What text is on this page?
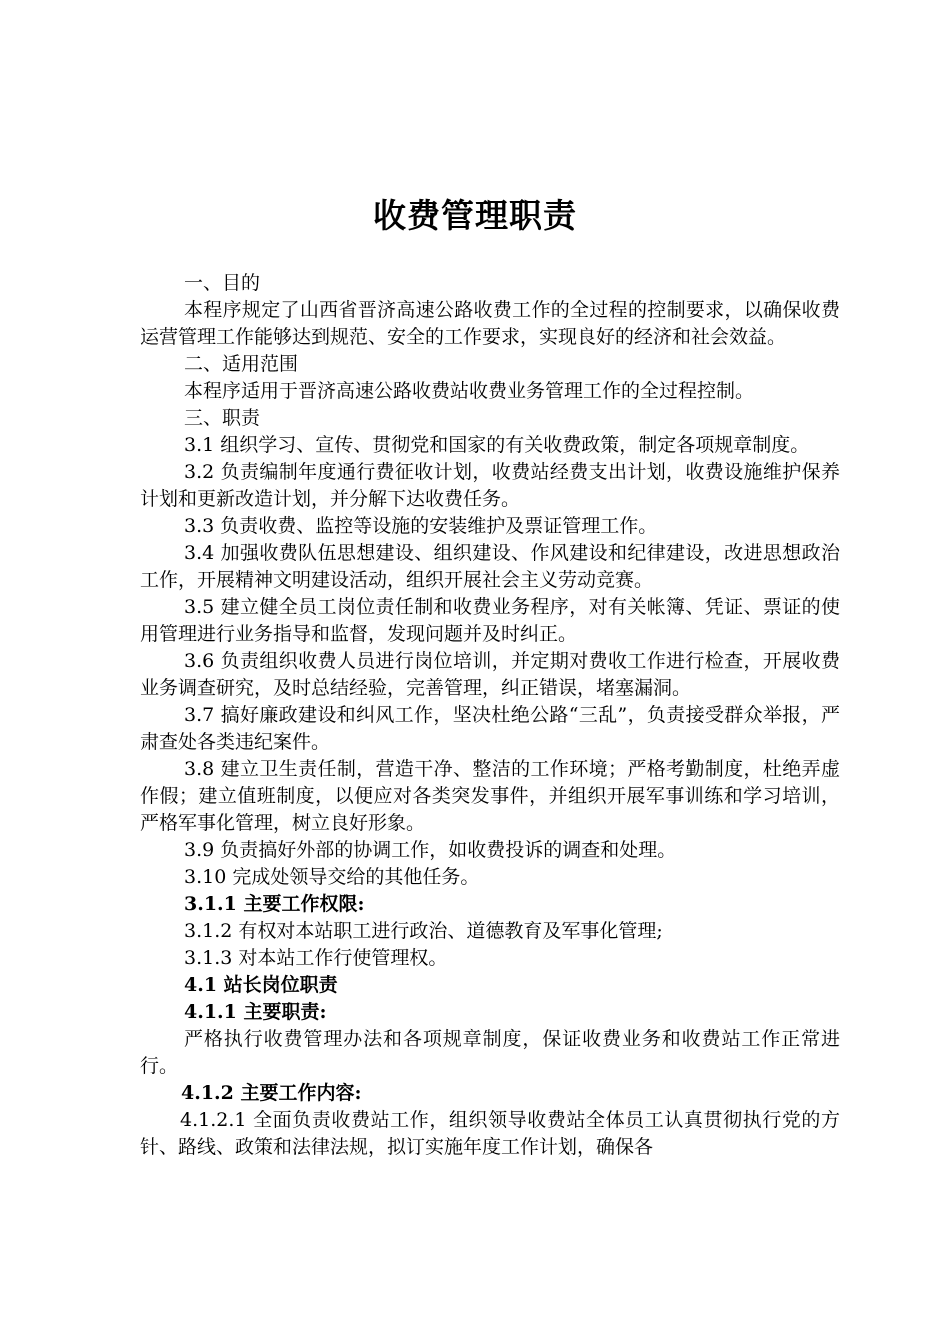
收费管理职责

一、目的

本程序规定了山西省晋济高速公路收费工作的全过程的控制要求，以确保收费运营管理工作能够达到规范、安全的工作要求，实现良好的经济和社会效益。

二、适用范围

本程序适用于晋济高速公路收费站收费业务管理工作的全过程控制。

三、职责

3.1 组织学习、宣传、贯彻党和国家的有关收费政策，制定各项规章制度。

3.2 负责编制年度通行费征收计划，收费站经费支出计划，收费设施维护保养计划和更新改造计划，并分解下达收费任务。

3.3 负责收费、监控等设施的安装维护及票证管理工作。

3.4 加强收费队伍思想建设、组织建设、作风建设和纪律建设，改进思想政治工作，开展精神文明建设活动，组织开展社会主义劳动竞赛。

3.5 建立健全员工岗位责任制和收费业务程序，对有关帐簿、凭证、票证的使用管理进行业务指导和监督，发现问题并及时纠正。

3.6 负责组织收费人员进行岗位培训，并定期对费收工作进行检查，开展收费业务调查研究，及时总结经验，完善管理，纠正错误，堵塞漏洞。

3.7 搞好廉政建设和纠风工作，坚决杜绝公路“三乱”，负责接受群众举报，严肃查处各类违纪案件。

3.8 建立卫生责任制，营造干净、整洁的工作环境；严格考勤制度，杜绝弄虚作假；建立值班制度，以便应对各类突发事件，并组织开展军事训练和学习培训，严格军事化管理，树立良好形象。

3.9 负责搞好外部的协调工作，如收费投诉的调查和处理。

3.10 完成处领导交给的其他任务。

3.1.1 主要工作权限:

3.1.2 有权对本站职工进行政治、道德教育及军事化管理;

3.1.3 对本站工作行使管理权。

4.1 站长岗位职责

4.1.1 主要职责:

严格执行收费管理办法和各项规章制度，保证收费业务和收费站工作正常进行。

4.1.2 主要工作内容:

4.1.2.1 全面负责收费站工作，组织领导收费站全体员工认真贯彻执行党的方针、路线、政策和法律法规，拟订实施年度工作计划，确保各
